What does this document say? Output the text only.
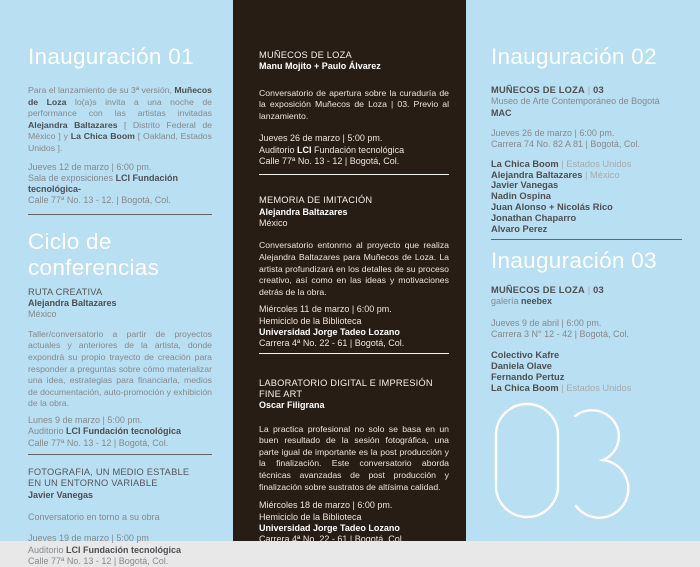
Inauguración 01

Para el lanzamiento de su 3ª versión, Muñecos de Loza lo(a)s invita a una noche de performance con las artistas invitadas Alejandra Baltazares [ Distrito Federal de México ] y La Chica Boom [ Oakland, Estados Unidos ].

Jueves 12 de marzo | 6:00 pm.
Sala de exposiciones LCI Fundación tecnológica-
Calle 77ª No. 13 - 12. | Bogotá, Col.
Ciclo de conferencias
RUTA CREATIVA
Alejandra Baltazares
México

Taller/conversatorio a partir de proyectos actuales y anteriores de la artista, donde expondrá su propio trayecto de creación para responder a preguntas sobre cómo materializar una idea, estrategias para financiarla, medios de documentación, auto-promoción y exhibición de la obra.

Lunes 9 de marzo | 5:00 pm.
Auditorio LCI Fundación tecnológica
Calle 77ª No. 13 - 12 | Bogotá, Col.
FOTOGRAFIA, UN MEDIO ESTABLE
EN UN ENTORNO VARIABLE
Javier Vanegas

Conversatorio en torno a su obra

Jueves 19 de marzo | 5:00 pm
Auditorio LCI Fundación tecnológica
Calle 77ª No. 13 - 12 | Bogotá, Col.
MUÑECOS DE LOZA
Manu Mojito + Paulo Álvarez

Conversatorio de apertura sobre la curaduría de la exposición Muñecos de Loza | 03. Previo al lanzamiento.

Jueves 26 de marzo | 5:00 pm.
Auditorio LCI Fundación tecnológica
Calle 77ª No. 13 - 12 | Bogotá, Col.
MEMORIA DE IMITACIÓN
Alejandra Baltazares
México

Conversatorio entonrno al proyecto que realiza Alejandra Baltazares para Muñecos de Loza. La artista profundizará en los detalles de su proceso creativo, así como en las ideas y motivaciones detrás de la obra.

Miércoles 11 de marzo | 6:00 pm.
Hemiciclo de la Biblioteca
Universidad Jorge Tadeo Lozano
Carrera 4ª No. 22 - 61 | Bogotá, Col.
LABORATORIO DIGITAL E IMPRESIÓN FINE ART
Oscar Filigrana

La practica profesional no solo se basa en un buen resultado de la sesión fotográfica, una parte igual de importante es la post producción y la finalización. Este conversatorio aborda técnicas avanzadas de post producción y finalización sobre sustratos de altísima calidad.

Miércoles 18 de marzo | 6:00 pm.
Hemiciclo de la Biblioteca
Universidad Jorge Tadeo Lozano
Carrera 4ª No. 22 - 61 | Bogotá, Col.
Inauguración 02
MUÑECOS DE LOZA | 03
Museo de Arte Contemporáneo de Bogotá MAC
Jueves 26 de marzo | 6:00 pm.
Carrera 74 No. 82 A 81 | Bogotá, Col.
La Chica Boom | Estados Unidos
Alejandra Baltazares | México
Javier Vanegas
Nadin Ospina
Juan Alonso + Nicolás Rico
Jonathan Chaparro
Alvaro Perez
Inauguración 03
MUÑECOS DE LOZA | 03
galería neebex
Jueves 9 de abril | 6:00 pm.
Carrera 3 N° 12 - 42 | Bogotá, Col.
Colectivo Kafre
Daniela Olave
Fernando Pertuz
La Chica Boom | Estados Unidos
